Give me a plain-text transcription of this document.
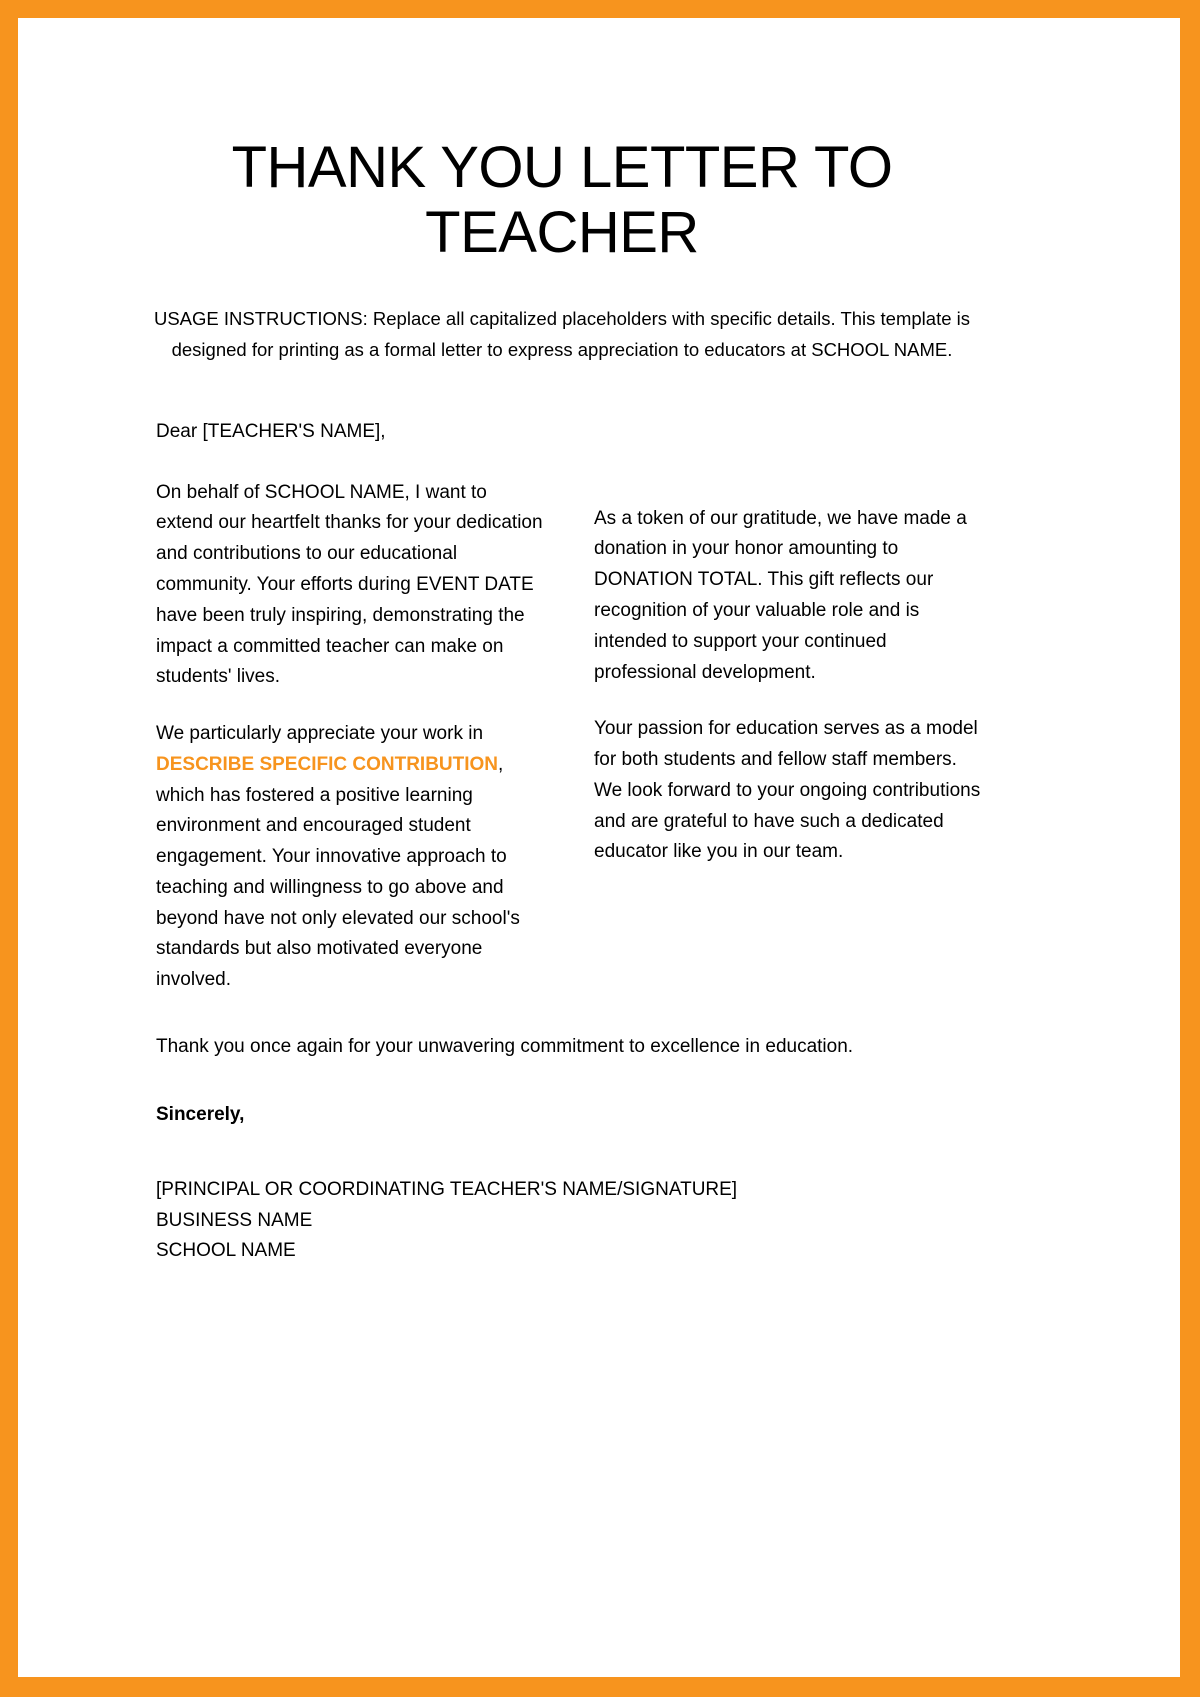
THANK YOU LETTER TO TEACHER

USAGE INSTRUCTIONS: Replace all capitalized placeholders with specific details. This template is designed for printing as a formal letter to express appreciation to educators at SCHOOL NAME.

Dear [TEACHER'S NAME],

On behalf of SCHOOL NAME, I want to extend our heartfelt thanks for your dedication and contributions to our educational community. Your efforts during EVENT DATE have been truly inspiring, demonstrating the impact a committed teacher can make on students' lives.

We particularly appreciate your work in DESCRIBE SPECIFIC CONTRIBUTION, which has fostered a positive learning environment and encouraged student engagement. Your innovative approach to teaching and willingness to go above and beyond have not only elevated our school's standards but also motivated everyone involved.

As a token of our gratitude, we have made a donation in your honor amounting to DONATION TOTAL. This gift reflects our recognition of your valuable role and is intended to support your continued professional development.

Your passion for education serves as a model for both students and fellow staff members. We look forward to your ongoing contributions and are grateful to have such a dedicated educator like you in our team.

Thank you once again for your unwavering commitment to excellence in education.

Sincerely,

[PRINCIPAL OR COORDINATING TEACHER'S NAME/SIGNATURE]
BUSINESS NAME
SCHOOL NAME
